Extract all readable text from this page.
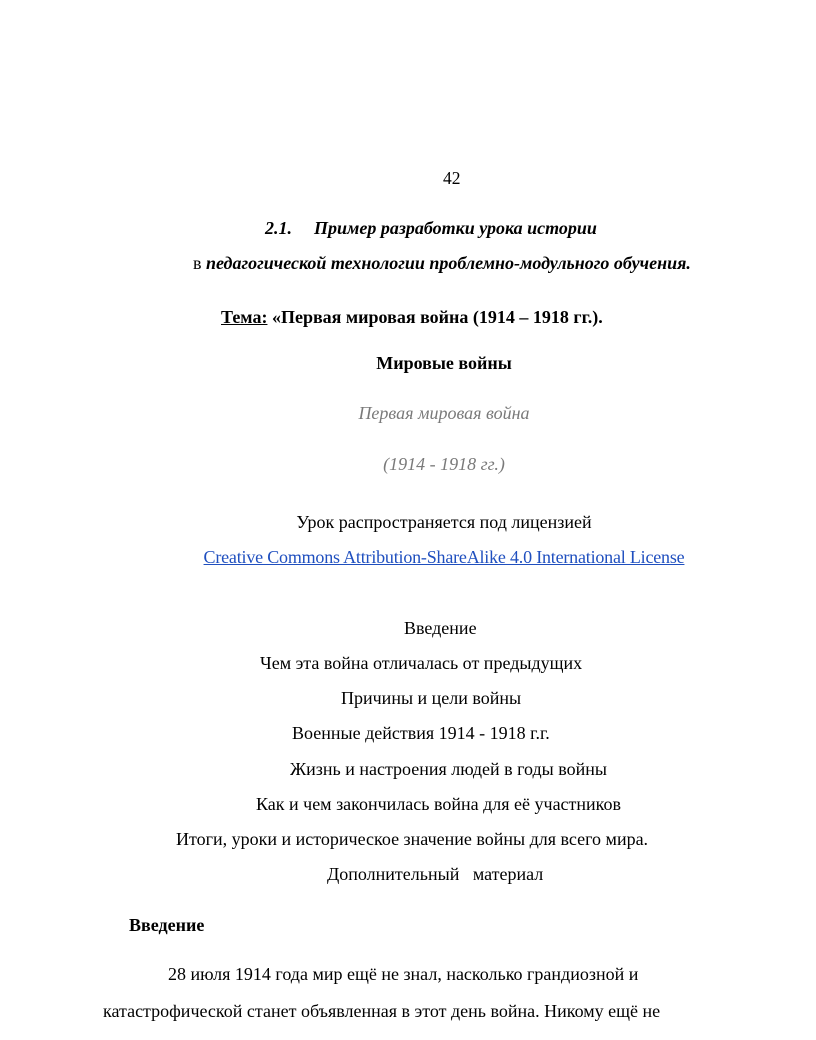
42
2.1. Пример разработки урока истории
в педагогической технологии проблемно-модульного обучения.
Тема: «Первая мировая война (1914 – 1918 гг.).
Мировые войны
Первая мировая война
(1914 - 1918 гг.)
Урок распространяется под лицензией
Creative Commons Attribution-ShareAlike 4.0 International License
Введение
Чем эта война отличалась от предыдущих
Причины и цели войны
Военные действия 1914 - 1918 г.г.
Жизнь и настроения людей в годы войны
Как и чем закончилась война для её участников
Итоги, уроки и историческое значение войны для всего мира.
Дополнительный   материал
Введение
28 июля 1914 года мир ещё не знал, насколько грандиозной и
катастрофической станет объявленная в этот день война. Никому ещё не
